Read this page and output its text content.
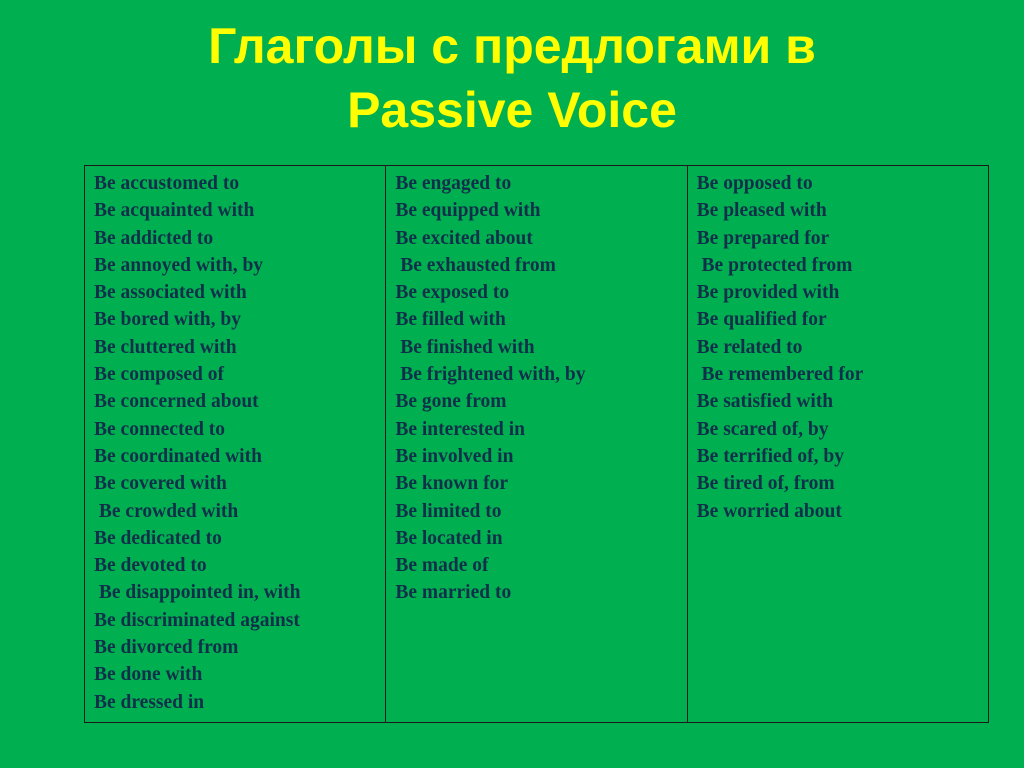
Глаголы с предлогами в
Passive Voice
Be accustomed to
Be acquainted with
Be addicted to
Be annoyed with, by
Be associated with
Be bored with, by
Be cluttered with
Be composed of
Be concerned about
Be connected to
Be coordinated with
Be covered with
Be crowded with
Be dedicated to
Be devoted to
Be disappointed in, with
Be discriminated against
Be divorced from
Be done with
Be dressed in

Be engaged to
Be equipped with
Be excited about
Be exhausted from
Be exposed to
Be filled with
Be finished with
Be frightened with, by
Be gone from
Be interested in
Be involved in
Be known for
Be limited to
Be located in
Be made of
Be married to

Be opposed to
Be pleased with
Be prepared for
Be protected from
Be provided with
Be qualified for
Be related to
Be remembered for
Be satisfied with
Be scared of, by
Be terrified of, by
Be tired of, from
Be worried about
